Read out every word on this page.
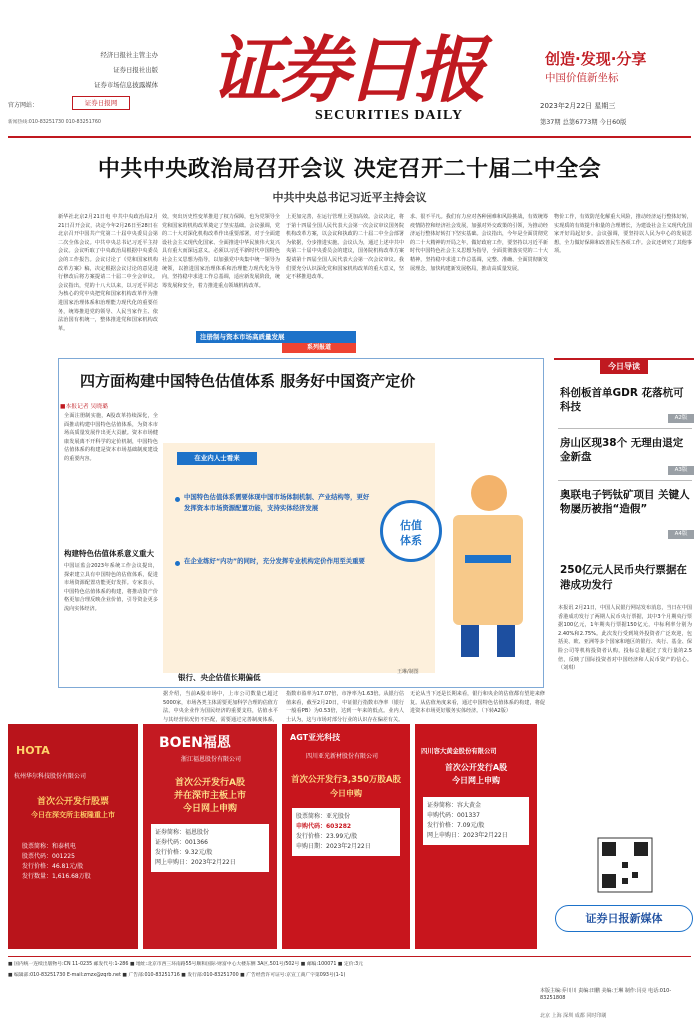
经济日报社主管主办
证券日报社出版
证券市场信息披露媒体
官方网站：	证券日报网
新闻热线:010-83251730 010-83251760
证券日报
SECURITIES DAILY
创造·发现·分享
中国价值新坐标
2023年2月22日 星期三
第37期 总第6773期 今日60版
中共中央政治局召开会议 决定召开二十届二中全会
中共中央总书记习近平主持会议
新华社北京2月21日电 中共中央政治局2月21日召开会议，决定今年2月26日至28日在北京召开中国共产党第二十届中央委员会第二次全体会议。中共中央总书记习近平主持会议。会议听取了中央政治局根据中央委员会的工作报告。会议讨论了《党和国家机构改革方案》稿，决定根据会议讨论的意见进行修改后将方案提请二十届二中全会审议。会议指出，党的十八大以来，以习近平同志为核心的党中央把党和国家机构改革作为推进国家治理体系和治理能力现代化的重要任务，统筹推进党的领导、人民当家作主、依法治国有机统一，整体推进党和国家机构改革。
效，突出历史性变革推进了权力保障，也为党领导全党和国家的机构改革奠定了坚实基础。会议强调，党的二十大对深化机构改革作出重要部署，对于全面建设社会主义现代化国家、全面推进中华民族伟大复兴具有重大而深远意义。必须以习近平新时代中国特色社会主义思想为指导，以加强党中央集中统一领导为统领，以推进国家治理体系和治理能力现代化为导向，坚持稳中求进工作总基调，适应新发展阶段，统筹发展和安全，着力推进重点领域机构改革。
上更加完善，在运行管理上更加高效。会议决定，将于第十四届全国人民代表大会第一次会议审议国务院机构改革方案，以会议和执政的二十届二中全会部署为依据，分步推进实施。会议认为，通过上述中共中央第二十届中央委员会的建议，国务院机构改革方案提请第十四届全国人民代表大会第一次会议审议。我们要充分认识深化党和国家机构改革的重大意义，坚定不移推进改革。
求、很不平凡。我们有力应对各种困难和风险挑战，有效统筹疫情防控和经济社会发展，加强对外交政策的引领，为推动经济运行整体好转打下坚实基础。会议指出，今年是全面贯彻党的二十大精神的开局之年，做好政府工作，要坚持以习近平新时代中国特色社会主义思想为指导，全面贯彻落实党的二十大精神，坚持稳中求进工作总基调，完整、准确、全面贯彻新发展理念，加快构建新发展格局，推动高质量发展。
物价工作，有效防范化解重大风险，推动经济运行整体好转，实现质的有效提升和量的合理增长，为建设社会主义现代化国家开好局起好步。会议强调，要坚持以人民为中心的发展思想，全力做好保障和改善民生各项工作。会议还研究了其他事项。
注册制与资本市场高质量发展
系列报道
四方面构建中国特色估值体系 服务好中国资产定价
■本报记者 吴晓璐
全面注册制实施，A股改革持续深化，全面推动构建中国特色估值体系，为资本市场高质量发展作出更大贡献。资本市场健康发展离不开科学的定价机制，中国特色估值体系的构建是资本市场基础制度建设的重要内容。
构建特色估值体系意义重大
中国证监会2023年系统工作会议提出，探索建立具有中国特色的估值体系，促进市场资源配置功能更好发挥。专家表示，中国特色估值体系的构建，将推动资产价格更加合理反映企业价值，引导资金更多流向实体经济。
在业内人士看来
中国特色估值体系需要体现中国市场体制机制、产业结构等，更好发挥资本市场资源配置功能，支持实体经济发展
在企业练好“内功”的同时，充分发挥专业机构定价作用至关重要
估值
体系
王琳/制图
据介绍，当前A股市场中，上市公司数量已超过5000家，市场各类主体需要更加科学合理的估值方法，中央企业作为国民经济的重要支柱，估值水平与其经营状况仍不匹配，需要通过完善制度体系，
银行、央企估值长期偏低
指数市盈率为17.07倍，市净率为1.63倍。从银行估值来看，截至2月20日，中证银行指数市净率（银行一般看PB）为0.53倍，达到一年来的低点。业内人士认为，这与市场对部分行业的认识存在偏差有关。
无论从当下还是长期来看，银行和央企的估值都有望迎来修复。从估值角度来看，通过中国特色估值体系的构建，将促进资本市场更好服务实体经济。（下转A2版）
今日导读
科创板首单GDR 花落杭可科技
A2版
房山区现38个 无理由退定金新盘
A3版
奥联电子钙钛矿项目 关键人物屡历被指“造假”
A4版
250亿元人民币央行票据在港成功发行
本报讯 2月21日，中国人民银行网站发布消息，当日在中国香港成功发行了两期人民币央行票据，其中3个月期央行票据100亿元，1年期央行票据150亿元，中标利率分别为2.40%和2.75%。此次发行受到境外投资者广泛欢迎，包括美、欧、亚洲等多个国家和地区的银行、央行、基金、保险公司等机构投资者认购，投标总量超过了发行量的2.5倍，反映了国际投资者对中国经济和人民币资产的信心。（刘琪）
证券日报新媒体
本版主编:乔川川 责编:田鹏 美编:王琳 制作:闫亮 电话:010-83251808
HOTA
杭州华尔科技股份有限公司
首次公开发行股票
今日在深交所主板隆重上市
股票简称：和泰机电
股票代码：001225
发行价格：46.81元/股
发行数量：1,616.68万股
BOEN福恩
浙江福恩股份有限公司
首次公开发行A股
并在深市主板上市
今日网上申购
证券简称：福恩股份
证券代码：001366
发行价格：9.32元/股
网上申购日：2023年2月22日
AGT亚光科技
四川亚光新材股份有限公司
首次公开发行3,350万股A股
今日申购
股票简称：亚光股份
申购代码：603282
发行价格：23.99元/股
申购日期：2023年2月22日
四川容大黄金股份有限公司
首次公开发行A股
今日网上申购
证券简称：容大黄金
申购代码：001337
发行价格：7.09元/股
网上申购日：2023年2月22日
■ 国内统一连续出版物号:CN 11-0235 邮发代号:1-286 ■ 地址:北京市西三环南路55号顺和国际·财富中心大楼东侧 3A区,501号/502号 ■ 邮编:100071 ■ 定价:3元
■ 编辑部:010-83251730 E-mail:zmzx@zqrb.net ■ 广告部:010-83251716 ■ 发行部:010-83251700 ■ 广告经营许可证号:京宣工商广字第093号(1-1)
北京 上海 深圳 成都 同时印刷
